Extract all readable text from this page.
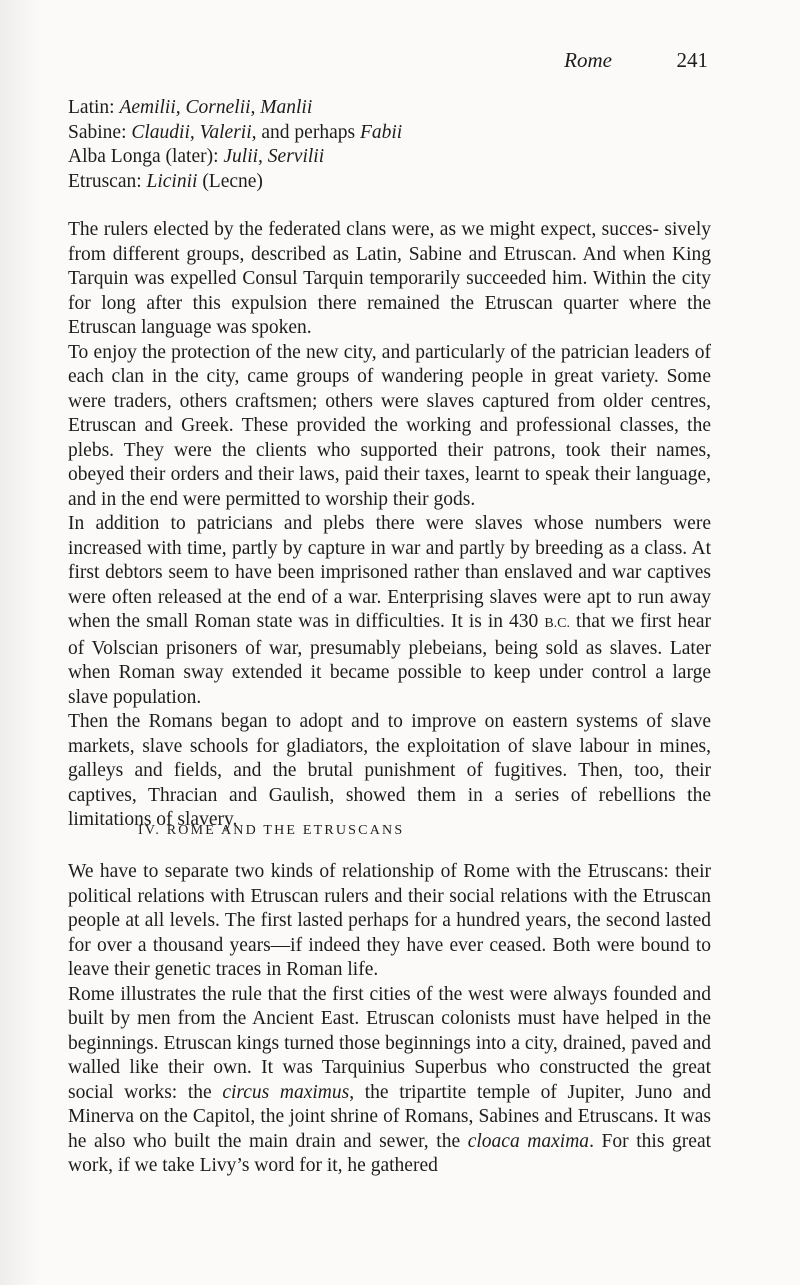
Rome	241
Latin: Aemilii, Cornelii, Manlii
Sabine: Claudii, Valerii, and perhaps Fabii
Alba Longa (later): Julii, Servilii
Etruscan: Licinii (Lecne)

The rulers elected by the federated clans were, as we might expect, succes- sively from different groups, described as Latin, Sabine and Etruscan. And when King Tarquin was expelled Consul Tarquin temporarily succeeded him. Within the city for long after this expulsion there remained the Etruscan quarter where the Etruscan language was spoken.

To enjoy the protection of the new city, and particularly of the patrician leaders of each clan in the city, came groups of wandering people in great variety. Some were traders, others craftsmen; others were slaves captured from older centres, Etruscan and Greek. These provided the working and professional classes, the plebs. They were the clients who supported their patrons, took their names, obeyed their orders and their laws, paid their taxes, learnt to speak their language, and in the end were permitted to worship their gods.

In addition to patricians and plebs there were slaves whose numbers were increased with time, partly by capture in war and partly by breeding as a class. At first debtors seem to have been imprisoned rather than enslaved and war captives were often released at the end of a war. Enterprising slaves were apt to run away when the small Roman state was in difficulties. It is in 430 B.C. that we first hear of Volscian prisoners of war, presumably plebeians, being sold as slaves. Later when Roman sway extended it became possible to keep under control a large slave population.

Then the Romans began to adopt and to improve on eastern systems of slave markets, slave schools for gladiators, the exploitation of slave labour in mines, galleys and fields, and the brutal punishment of fugitives. Then, too, their captives, Thracian and Gaulish, showed them in a series of rebellions the limitations of slavery.

IV. ROME AND THE ETRUSCANS

We have to separate two kinds of relationship of Rome with the Etruscans: their political relations with Etruscan rulers and their social relations with the Etruscan people at all levels. The first lasted perhaps for a hundred years, the second lasted for over a thousand years—if indeed they have ever ceased. Both were bound to leave their genetic traces in Roman life.

Rome illustrates the rule that the first cities of the west were always founded and built by men from the Ancient East. Etruscan colonists must have helped in the beginnings. Etruscan kings turned those beginnings into a city, drained, paved and walled like their own. It was Tarquinius Superbus who constructed the great social works: the circus maximus, the tripartite temple of Jupiter, Juno and Minerva on the Capitol, the joint shrine of Romans, Sabines and Etruscans. It was he also who built the main drain and sewer, the cloaca maxima. For this great work, if we take Livy’s word for it, he gathered
